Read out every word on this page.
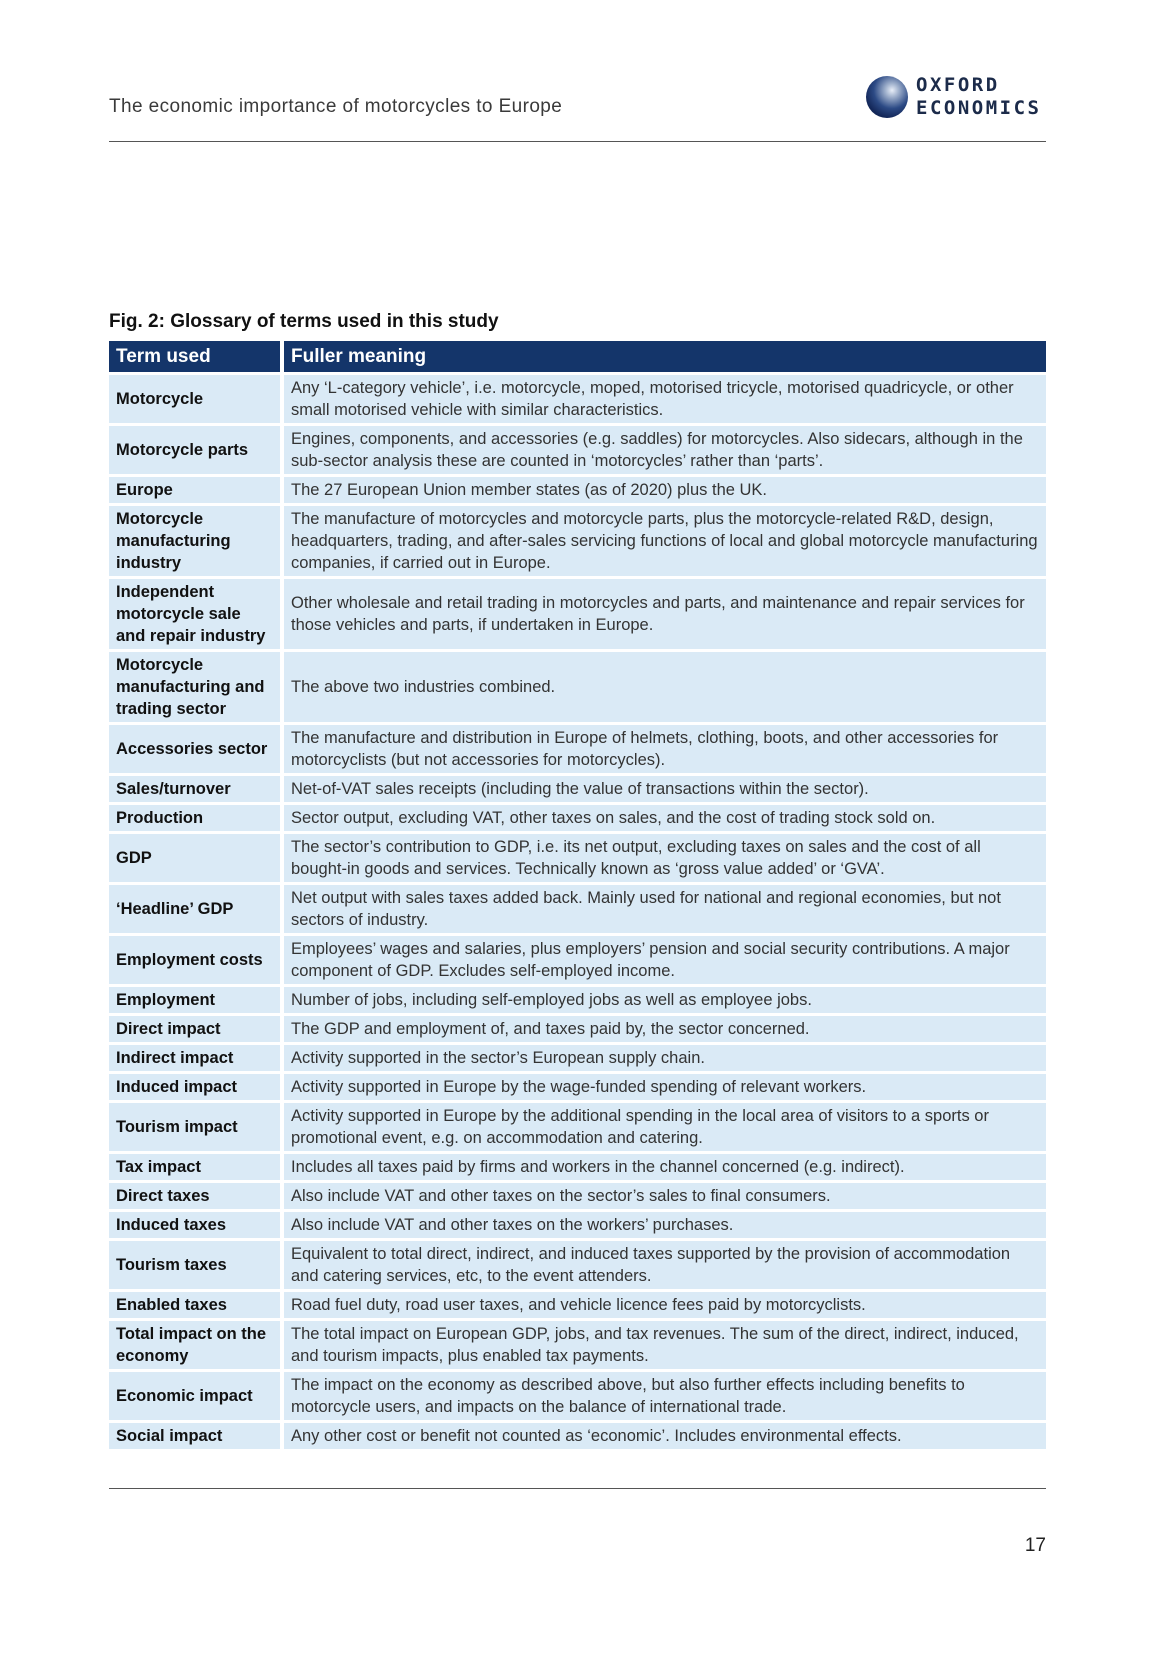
The economic importance of motorcycles to Europe
OXFORD
ECONOMICS
Fig. 2: Glossary of terms used in this study
Term used	Fuller meaning
Motorcycle	Any ‘L-category vehicle’, i.e. motorcycle, moped, motorised tricycle, motorised quadricycle, or other small motorised vehicle with similar characteristics.
Motorcycle parts	Engines, components, and accessories (e.g. saddles) for motorcycles. Also sidecars, although in the sub-sector analysis these are counted in ‘motorcycles’ rather than ‘parts’.
Europe	The 27 European Union member states (as of 2020) plus the UK.
Motorcycle manufacturing industry	The manufacture of motorcycles and motorcycle parts, plus the motorcycle-related R&D, design, headquarters, trading, and after-sales servicing functions of local and global motorcycle manufacturing companies, if carried out in Europe.
Independent motorcycle sale and repair industry	Other wholesale and retail trading in motorcycles and parts, and maintenance and repair services for those vehicles and parts, if undertaken in Europe.
Motorcycle manufacturing and trading sector	The above two industries combined.
Accessories sector	The manufacture and distribution in Europe of helmets, clothing, boots, and other accessories for motorcyclists (but not accessories for motorcycles).
Sales/turnover	Net-of-VAT sales receipts (including the value of transactions within the sector).
Production	Sector output, excluding VAT, other taxes on sales, and the cost of trading stock sold on.
GDP	The sector’s contribution to GDP, i.e. its net output, excluding taxes on sales and the cost of all bought-in goods and services. Technically known as ‘gross value added’ or ‘GVA’.
‘Headline’ GDP	Net output with sales taxes added back. Mainly used for national and regional economies, but not sectors of industry.
Employment costs	Employees’ wages and salaries, plus employers’ pension and social security contributions. A major component of GDP. Excludes self-employed income.
Employment	Number of jobs, including self-employed jobs as well as employee jobs.
Direct impact	The GDP and employment of, and taxes paid by, the sector concerned.
Indirect impact	Activity supported in the sector’s European supply chain.
Induced impact	Activity supported in Europe by the wage-funded spending of relevant workers.
Tourism impact	Activity supported in Europe by the additional spending in the local area of visitors to a sports or promotional event, e.g. on accommodation and catering.
Tax impact	Includes all taxes paid by firms and workers in the channel concerned (e.g. indirect).
Direct taxes	Also include VAT and other taxes on the sector’s sales to final consumers.
Induced taxes	Also include VAT and other taxes on the workers’ purchases.
Tourism taxes	Equivalent to total direct, indirect, and induced taxes supported by the provision of accommodation and catering services, etc, to the event attenders.
Enabled taxes	Road fuel duty, road user taxes, and vehicle licence fees paid by motorcyclists.
Total impact on the economy	The total impact on European GDP, jobs, and tax revenues. The sum of the direct, indirect, induced, and tourism impacts, plus enabled tax payments.
Economic impact	The impact on the economy as described above, but also further effects including benefits to motorcycle users, and impacts on the balance of international trade.
Social impact	Any other cost or benefit not counted as ‘economic’. Includes environmental effects.
17
